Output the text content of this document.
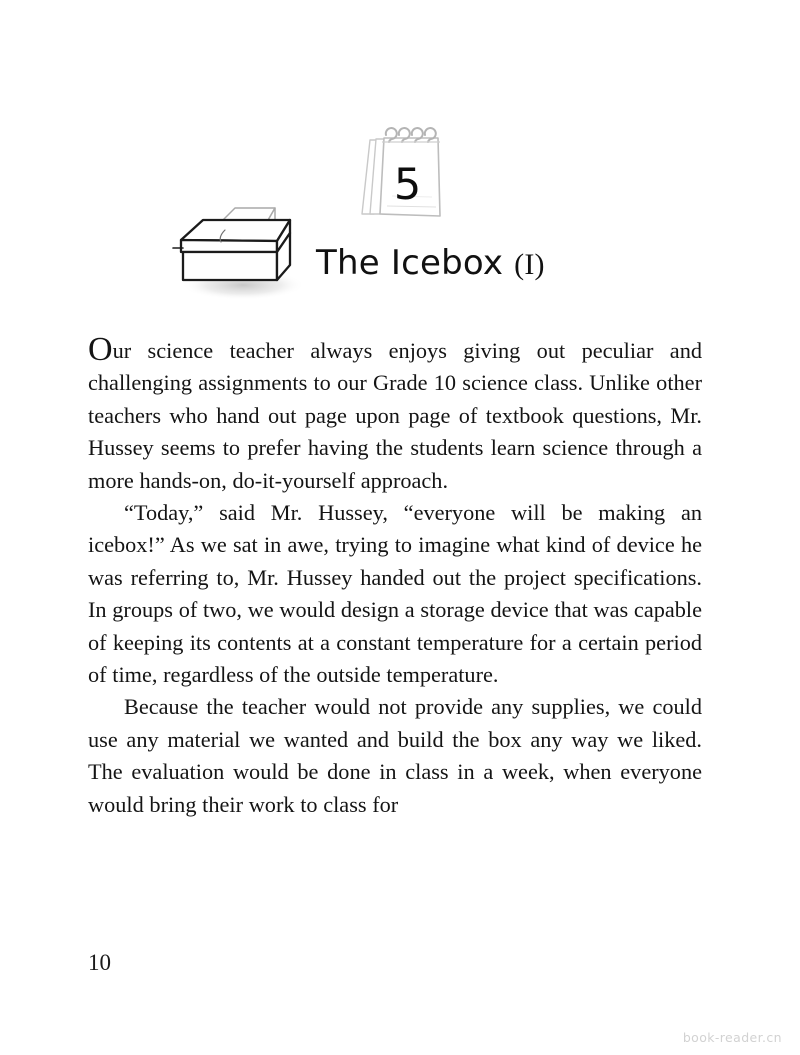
5
The Icebox (I)

Our science teacher always enjoys giving out peculiar and challenging assignments to our Grade 10 science class. Unlike other teachers who hand out page upon page of textbook questions, Mr. Hussey seems to prefer having the students learn science through a more hands-on, do-it-yourself approach.

“Today,” said Mr. Hussey, “everyone will be making an icebox!” As we sat in awe, trying to imagine what kind of device he was referring to, Mr. Hussey handed out the project specifications. In groups of two, we would design a storage device that was capable of keeping its contents at a constant temperature for a certain period of time, regardless of the outside temperature.

Because the teacher would not provide any supplies, we could use any material we wanted and build the box any way we liked. The evaluation would be done in class in a week, when everyone would bring their work to class for

10
book-reader.cn
